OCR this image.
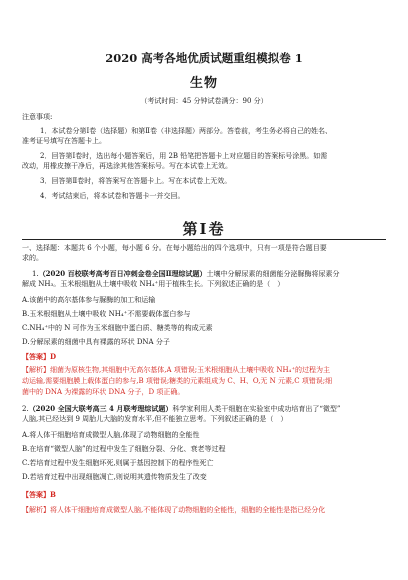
2020 高考各地优质试题重组模拟卷 1
生物
（考试时间：45 分钟试卷满分：90 分）
注意事项:
1．本试卷分第Ⅰ卷（选择题）和第Ⅱ卷（非选择题）两部分。答卷前，考生务必将自己的姓名、
准考证号填写在答题卡上。
2．回答第Ⅰ卷时，选出每小题答案后，用 2B 铅笔把答题卡上对应题目的答案标号涂黑。如需
改动，用橡皮擦干净后，再选涂其他答案标号。写在本试卷上无效。
3．回答第Ⅱ卷时，将答案写在答题卡上。写在本试卷上无效。
4．考试结束后，将本试卷和答题卡一并交回。
第Ⅰ卷
一、选择题：本题共 6 个小题，每小题 6 分。在每小题给出的四个选项中，只有一项是符合题目要
求的。
1.（2020 百校联考高考百日冲刺金卷全国Ⅱ理综试题）土壤中分解尿素的细菌能分泌脲酶将尿素分
解成 NH₃。玉米根细胞从土壤中吸收 NH₄⁺用于植株生长。下列叙述正确的是（　）
A.该菌中的高尔基体参与脲酶的加工和运输
B.玉米根细胞从土壤中吸收 NH₄⁺不需要载体蛋白参与
C.NH₄⁺中的 N 可作为玉米细胞中蛋白质、糖类等的构成元素
D.分解尿素的细菌中具有裸露的环状 DNA 分子
【答案】D
【解析】细菌为原核生物,其细胞中无高尔基体,A 项错误;玉米根细胞从土壤中吸收 NH₄⁺的过程为主
动运输,需要细胞膜上载体蛋白的参与,B 项错误;糖类的元素组成为 C、H、O,无 N 元素,C 项错误;细
菌中的 DNA 为裸露的环状 DNA 分子，D 项正确。
2.（2020 全国大联考高三 4 月联考理综试题）科学家利用人类干细胞在实验室中成功培育出了“微型”
人脑,其已经达到 9 周胎儿大脑的发育水平,但不能独立思考。下列叙述正确的是（　）
A.将人体干细胞培育成微型人脑,体现了动物细胞的全能性
B.在培育“微型人脑”的过程中发生了细胞分裂、分化、衰老等过程
C.若培育过程中发生细胞坏死,则属于基因控制下的程序性死亡
D.若培育过程中出现细胞凋亡,则说明其遗传物质发生了改变
【答案】B
【解析】将人体干细胞培育成微型人脑,不能体现了动物细胞的全能性，细胞的全能性是指已经分化
